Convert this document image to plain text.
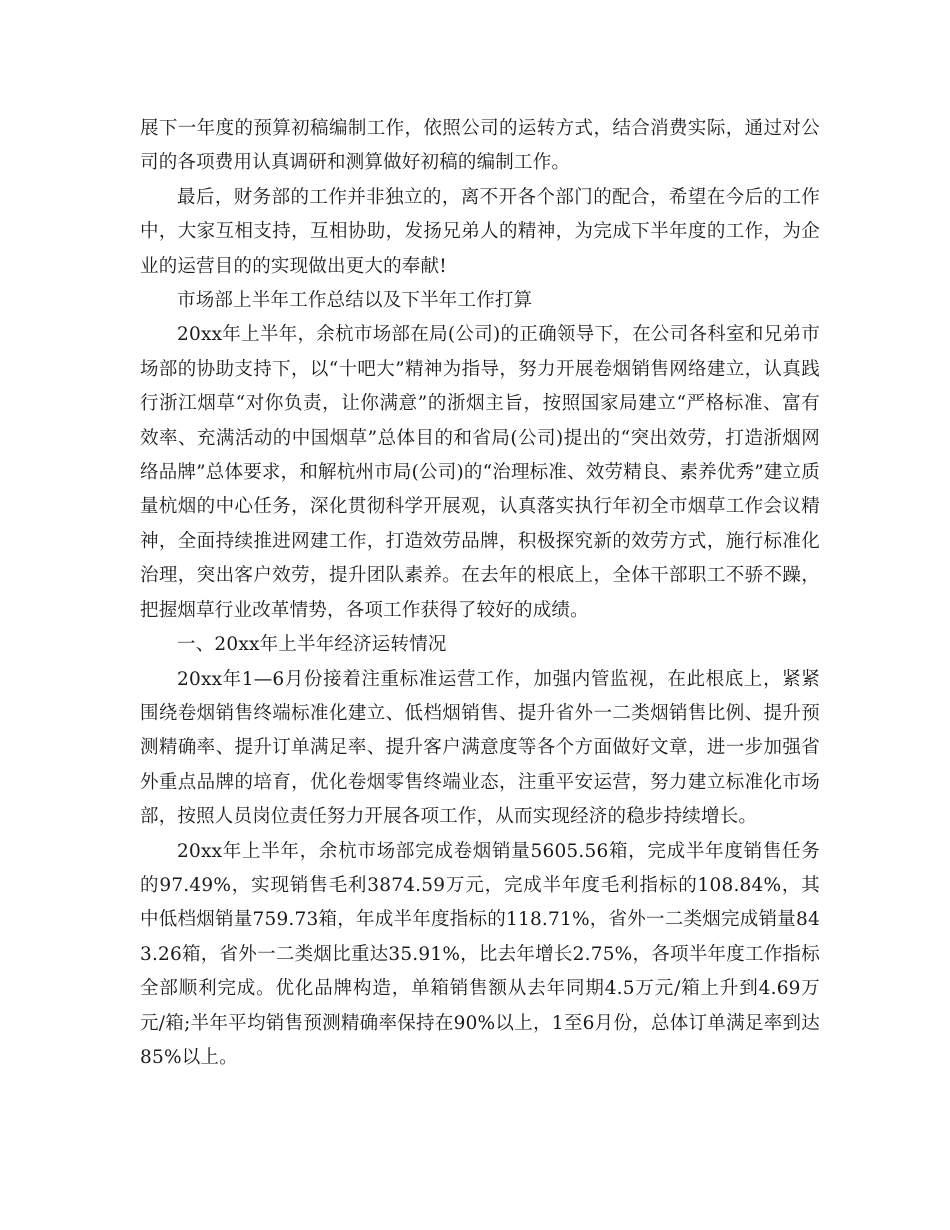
展下一年度的预算初稿编制工作，依照公司的运转方式，结合消费实际，通过对公司的各项费用认真调研和测算做好初稿的编制工作。

最后，财务部的工作并非独立的，离不开各个部门的配合，希望在今后的工作中，大家互相支持，互相协助，发扬兄弟人的精神，为完成下半年度的工作，为企业的运营目的的实现做出更大的奉献!

市场部上半年工作总结以及下半年工作打算

20xx年上半年，余杭市场部在局(公司)的正确领导下，在公司各科室和兄弟市场部的协助支持下，以“十吧大”精神为指导，努力开展卷烟销售网络建立，认真践行浙江烟草“对你负责，让你满意”的浙烟主旨，按照国家局建立“严格标准、富有效率、充满活动的中国烟草”总体目的和省局(公司)提出的“突出效劳，打造浙烟网络品牌”总体要求，和解杭州市局(公司)的“治理标准、效劳精良、素养优秀”建立质量杭烟的中心任务，深化贯彻科学开展观，认真落实执行年初全市烟草工作会议精神，全面持续推进网建工作，打造效劳品牌，积极探究新的效劳方式，施行标准化治理，突出客户效劳，提升团队素养。在去年的根底上，全体干部职工不骄不躁，把握烟草行业改革情势，各项工作获得了较好的成绩。

一、20xx年上半年经济运转情况

20xx年1—6月份接着注重标准运营工作，加强内管监视，在此根底上，紧紧围绕卷烟销售终端标准化建立、低档烟销售、提升省外一二类烟销售比例、提升预测精确率、提升订单满足率、提升客户满意度等各个方面做好文章，进一步加强省外重点品牌的培育，优化卷烟零售终端业态，注重平安运营，努力建立标准化市场部，按照人员岗位责任努力开展各项工作，从而实现经济的稳步持续增长。

20xx年上半年，余杭市场部完成卷烟销量5605.56箱，完成半年度销售任务的97.49%，实现销售毛利3874.59万元，完成半年度毛利指标的108.84%，其中低档烟销量759.73箱，年成半年度指标的118.71%，省外一二类烟完成销量843.26箱，省外一二类烟比重达35.91%，比去年增长2.75%，各项半年度工作指标全部顺利完成。优化品牌构造，单箱销售额从去年同期4.5万元/箱上升到4.69万元/箱;半年平均销售预测精确率保持在90%以上，1至6月份，总体订单满足率到达85%以上。
